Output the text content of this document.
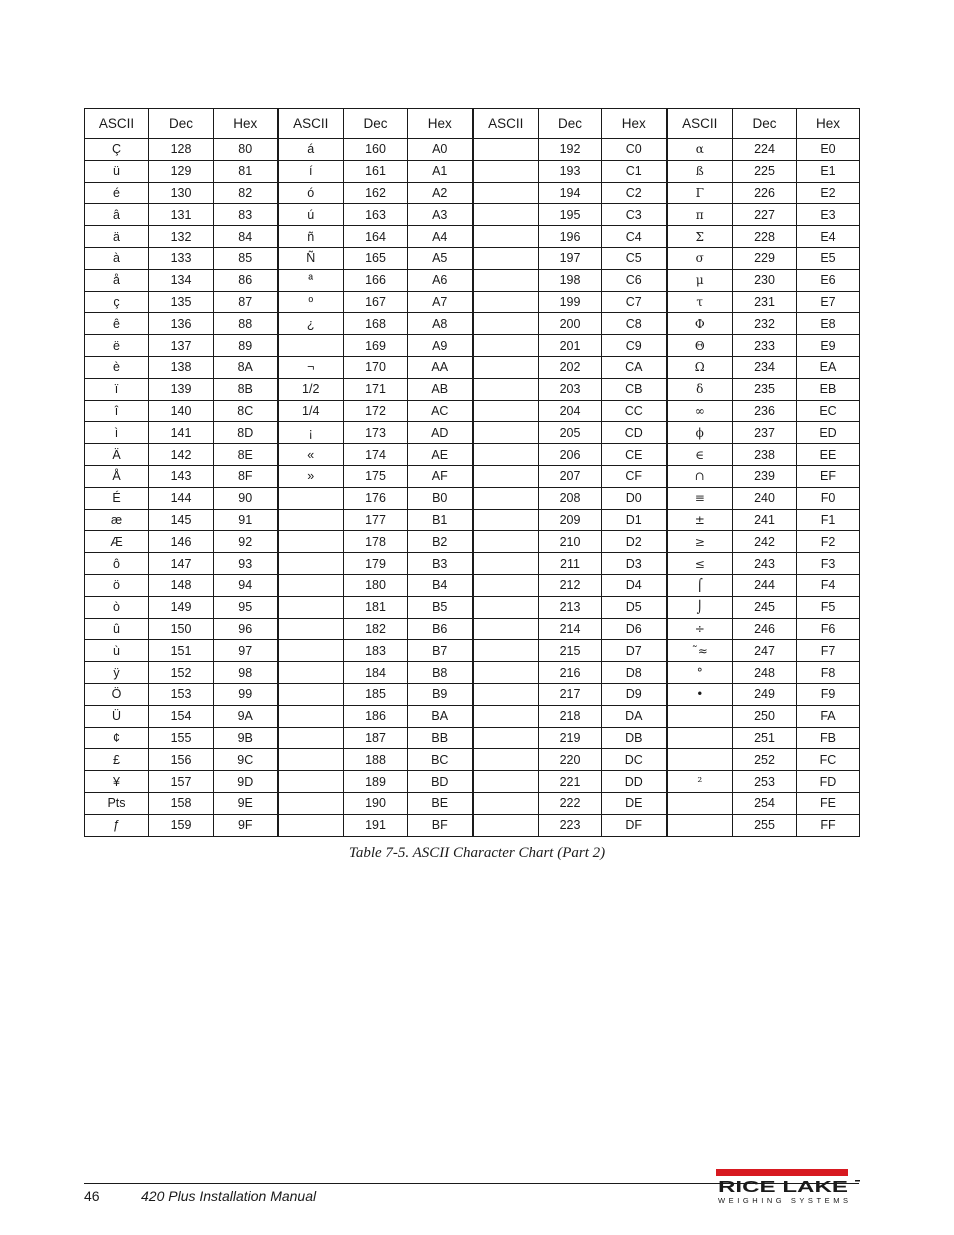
ASCII	Dec	Hex	ASCII	Dec	Hex	ASCII	Dec	Hex	ASCII	Dec	Hex
Ç	128	80	á	160	A0		192	C0	α	224	E0
ü	129	81	í	161	A1		193	C1	ß	225	E1
é	130	82	ó	162	A2		194	C2	Γ	226	E2
â	131	83	ú	163	A3		195	C3	π	227	E3
ä	132	84	ñ	164	A4		196	C4	Σ	228	E4
à	133	85	Ñ	165	A5		197	C5	σ	229	E5
å	134	86	ª	166	A6		198	C6	μ	230	E6
ç	135	87	º	167	A7		199	C7	τ	231	E7
ê	136	88	¿	168	A8		200	C8	Φ	232	E8
ë	137	89		169	A9		201	C9	Θ	233	E9
è	138	8A	¬	170	AA		202	CA	Ω	234	EA
ï	139	8B	1/2	171	AB		203	CB	δ	235	EB
î	140	8C	1/4	172	AC		204	CC	∞	236	EC
ì	141	8D	¡	173	AD		205	CD	ϕ	237	ED
Ä	142	8E	«	174	AE		206	CE	∈	238	EE
Å	143	8F	»	175	AF		207	CF	∩	239	EF
É	144	90		176	B0		208	D0	≡	240	F0
æ	145	91		177	B1		209	D1	±	241	F1
Æ	146	92		178	B2		210	D2	≥	242	F2
ô	147	93		179	B3		211	D3	≤	243	F3
ö	148	94		180	B4		212	D4	⌠	244	F4
ò	149	95		181	B5		213	D5	⌡	245	F5
û	150	96		182	B6		214	D6	÷	246	F6
ù	151	97		183	B7		215	D7	˜≈	247	F7
ÿ	152	98		184	B8		216	D8	°	248	F8
Ö	153	99		185	B9		217	D9	•	249	F9
Ü	154	9A		186	BA		218	DA		250	FA
¢	155	9B		187	BB		219	DB		251	FB
£	156	9C		188	BC		220	DC		252	FC
¥	157	9D		189	BD		221	DD	²	253	FD
Pts	158	9E		190	BE		222	DE		254	FE
ƒ	159	9F		191	BF		223	DF		255	FF
Table 7-5. ASCII Character Chart (Part 2)
46	420 Plus Installation Manual	RICE LAKE
WEIGHING SYSTEMS
